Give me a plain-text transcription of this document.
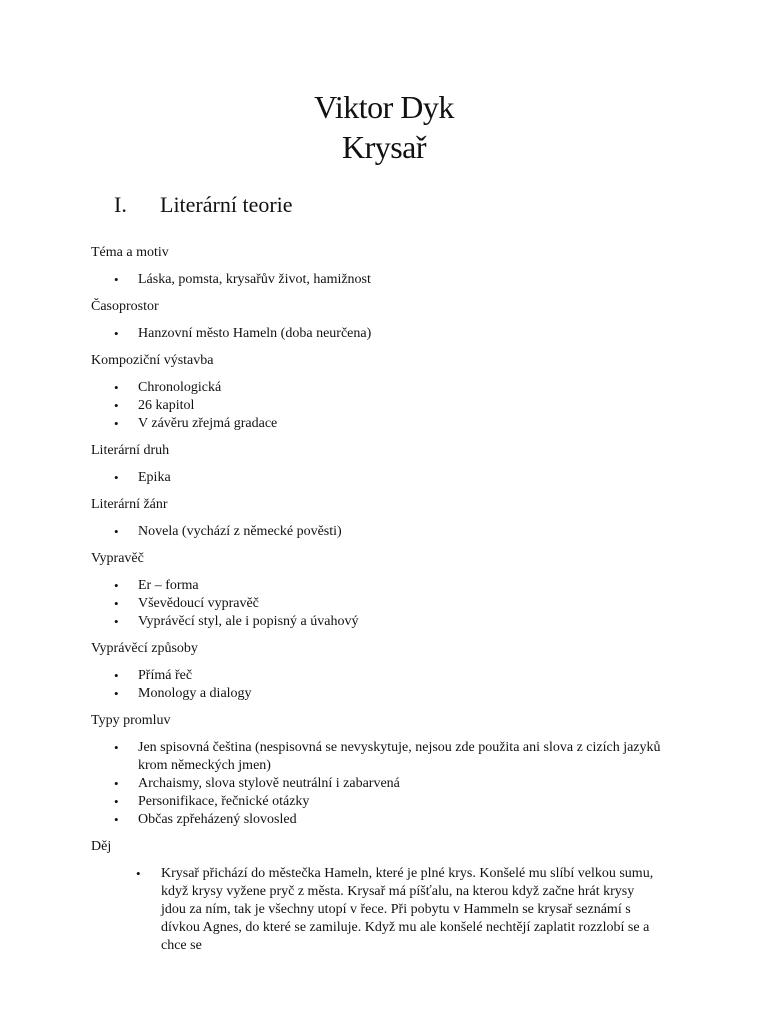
Viktor Dyk
Krysař
I. Literární teorie
Téma a motiv
• Láska, pomsta, krysařův život, hamižnost
Časoprostor
• Hanzovní město Hameln (doba neurčena)
Kompoziční výstavba
• Chronologická
• 26 kapitol
• V závěru zřejmá gradace
Literární druh
• Epika
Literární žánr
• Novela (vychází z německé pověsti)
Vypravěč
• Er – forma
• Vševědoucí vypravěč
• Vyprávěcí styl, ale i popisný a úvahový
Vyprávěcí způsoby
• Přímá řeč
• Monology a dialogy
Typy promluv
• Jen spisovná čeština (nespisovná se nevyskytuje, nejsou zde použita ani slova z cizích jazyků krom německých jmen)
• Archaismy, slova stylově neutrální i zabarvená
• Personifikace, řečnické otázky
• Občas zpřeházený slovosled
Děj
• Krysař přichází do městečka Hameln, které je plné krys. Konšelé mu slíbí velkou sumu, když krysy vyžene pryč z města. Krysař má píšťalu, na kterou když začne hrát krysy jdou za ním, tak je všechny utopí v řece. Při pobytu v Hammeln se krysař seznámí s dívkou Agnes, do které se zamiluje. Když mu ale konšelé nechtějí zaplatit rozzlobí se a chce se
